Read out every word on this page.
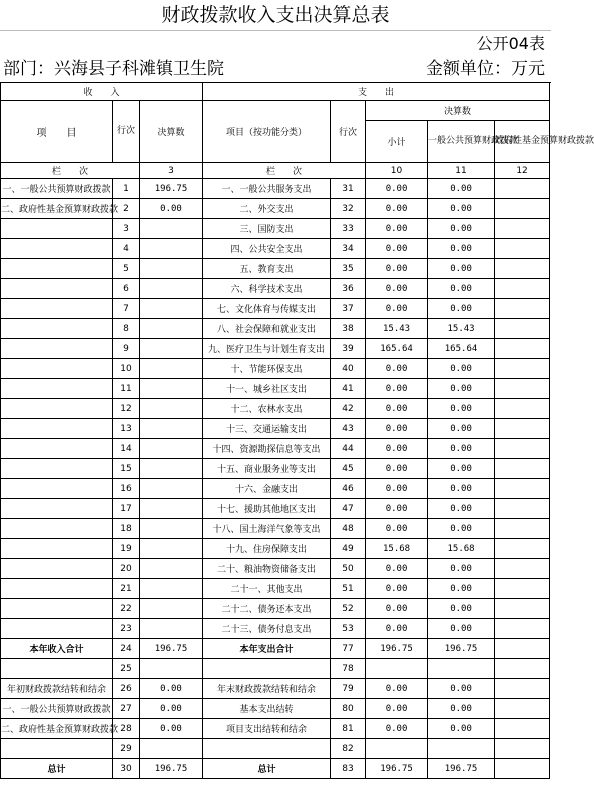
财政拨款收入支出决算总表
公开04表
部门：兴海县子科滩镇卫生院	金额单位：万元
收　　入			支　　出				
项　　目	行次	决算数	项目（按功能分类）	行次	决算数		
					小计	一般公共预算财政拨款	政府性基金预算财政拨款
栏　　次		3	栏　　次		10	11	12
一、一般公共预算财政拨款	1	196.75	一、一般公共服务支出	31	0.00	0.00	
二、政府性基金预算财政拨款	2	0.00	二、外交支出	32	0.00	0.00	
	3		三、国防支出	33	0.00	0.00	
	4		四、公共安全支出	34	0.00	0.00	
	5		五、教育支出	35	0.00	0.00	
	6		六、科学技术支出	36	0.00	0.00	
	7		七、文化体育与传媒支出	37	0.00	0.00	
	8		八、社会保障和就业支出	38	15.43	15.43	
	9		九、医疗卫生与计划生育支出	39	165.64	165.64	
	10		十、节能环保支出	40	0.00	0.00	
	11		十一、城乡社区支出	41	0.00	0.00	
	12		十二、农林水支出	42	0.00	0.00	
	13		十三、交通运输支出	43	0.00	0.00	
	14		十四、资源勘探信息等支出	44	0.00	0.00	
	15		十五、商业服务业等支出	45	0.00	0.00	
	16		十六、金融支出	46	0.00	0.00	
	17		十七、援助其他地区支出	47	0.00	0.00	
	18		十八、国土海洋气象等支出	48	0.00	0.00	
	19		十九、住房保障支出	49	15.68	15.68	
	20		二十、粮油物资储备支出	50	0.00	0.00	
	21		二十一、其他支出	51	0.00	0.00	
	22		二十二、债务还本支出	52	0.00	0.00	
	23		二十三、债务付息支出	53	0.00	0.00	
本年收入合计	24	196.75	本年支出合计	77	196.75	196.75	
	25			78			
年初财政拨款结转和结余	26	0.00	年末财政拨款结转和结余	79	0.00	0.00	
一、一般公共预算财政拨款	27	0.00	基本支出结转	80	0.00	0.00	
二、政府性基金预算财政拨款	28	0.00	项目支出结转和结余	81	0.00	0.00	
	29			82			
总计	30	196.75	总计	83	196.75	196.75	
